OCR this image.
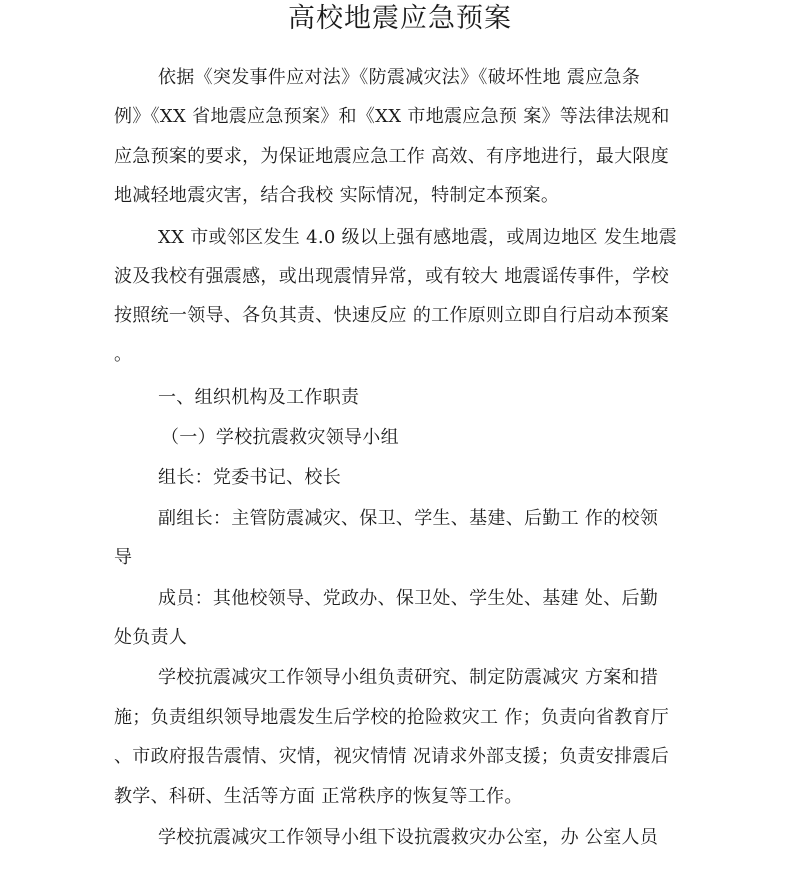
高校地震应急预案
依据《突发事件应对法》《防震减灾法》《破坏性地 震应急条
例》《XX 省地震应急预案》和《XX 市地震应急预 案》等法律法规和
应急预案的要求，为保证地震应急工作 高效、有序地进行，最大限度
地减轻地震灾害，结合我校 实际情况，特制定本预案。
XX 市或邻区发生 4.0 级以上强有感地震，或周边地区 发生地震
波及我校有强震感，或出现震情异常，或有较大 地震谣传事件，学校
按照统一领导、各负其责、快速反应 的工作原则立即自行启动本预案
。
一、组织机构及工作职责
（一）学校抗震救灾领导小组
组长：党委书记、校长
副组长：主管防震减灾、保卫、学生、基建、后勤工 作的校领
导
成员：其他校领导、党政办、保卫处、学生处、基建 处、后勤
处负责人
学校抗震减灾工作领导小组负责研究、制定防震减灾 方案和措
施；负责组织领导地震发生后学校的抢险救灾工 作；负责向省教育厅
、市政府报告震情、灾情，视灾情情 况请求外部支援；负责安排震后
教学、科研、生活等方面 正常秩序的恢复等工作。
学校抗震减灾工作领导小组下设抗震救灾办公室，办 公室人员
